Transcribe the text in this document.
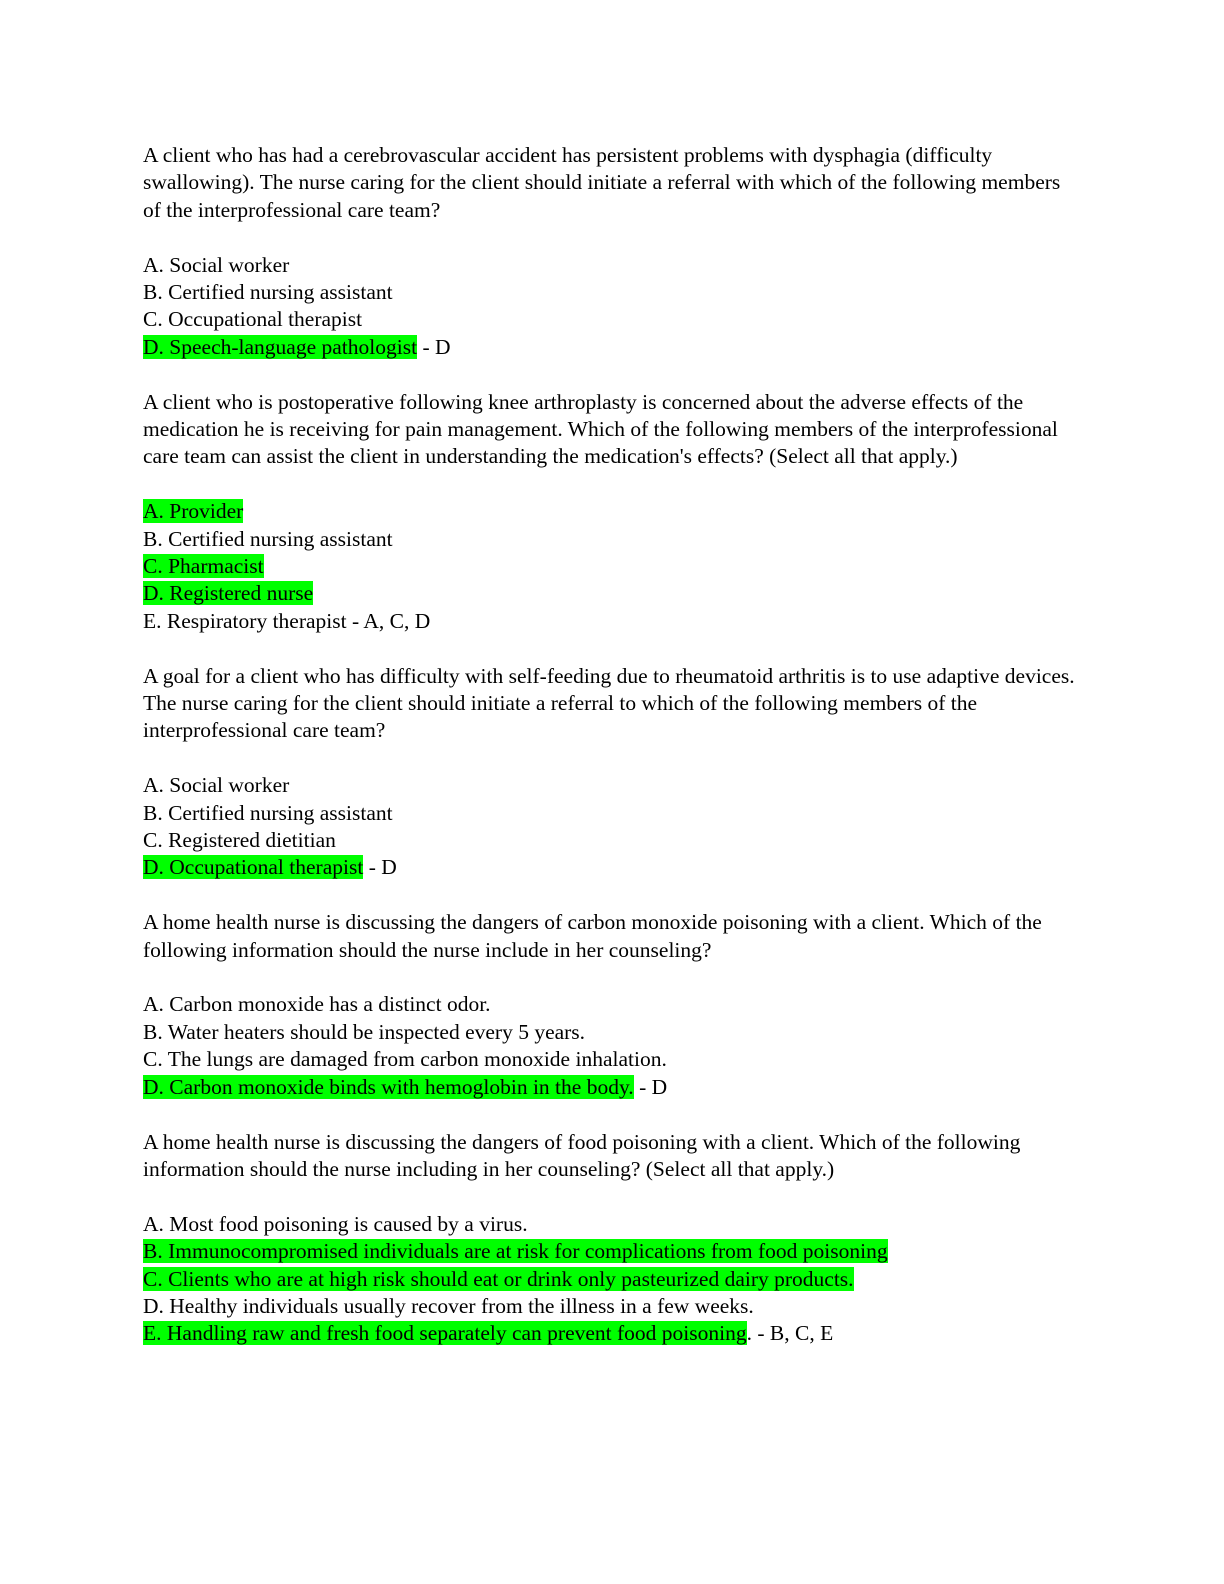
A client who has had a cerebrovascular accident has persistent problems with dysphagia (difficulty swallowing). The nurse caring for the client should initiate a referral with which of the following members of the interprofessional care team?

A. Social worker
B. Certified nursing assistant
C. Occupational therapist
D. Speech-language pathologist - D

A client who is postoperative following knee arthroplasty is concerned about the adverse effects of the medication he is receiving for pain management. Which of the following members of the interprofessional care team can assist the client in understanding the medication's effects? (Select all that apply.)

A. Provider
B. Certified nursing assistant
C. Pharmacist
D. Registered nurse
E. Respiratory therapist - A, C, D

A goal for a client who has difficulty with self-feeding due to rheumatoid arthritis is to use adaptive devices. The nurse caring for the client should initiate a referral to which of the following members of the interprofessional care team?

A. Social worker
B. Certified nursing assistant
C. Registered dietitian
D. Occupational therapist - D

A home health nurse is discussing the dangers of carbon monoxide poisoning with a client. Which of the following information should the nurse include in her counseling?

A. Carbon monoxide has a distinct odor.
B. Water heaters should be inspected every 5 years.
C. The lungs are damaged from carbon monoxide inhalation.
D. Carbon monoxide binds with hemoglobin in the body. - D

A home health nurse is discussing the dangers of food poisoning with a client. Which of the following information should the nurse including in her counseling? (Select all that apply.)

A. Most food poisoning is caused by a virus.
B. Immunocompromised individuals are at risk for complications from food poisoning
C. Clients who are at high risk should eat or drink only pasteurized dairy products.
D. Healthy individuals usually recover from the illness in a few weeks.
E. Handling raw and fresh food separately can prevent food poisoning. - B, C, E
